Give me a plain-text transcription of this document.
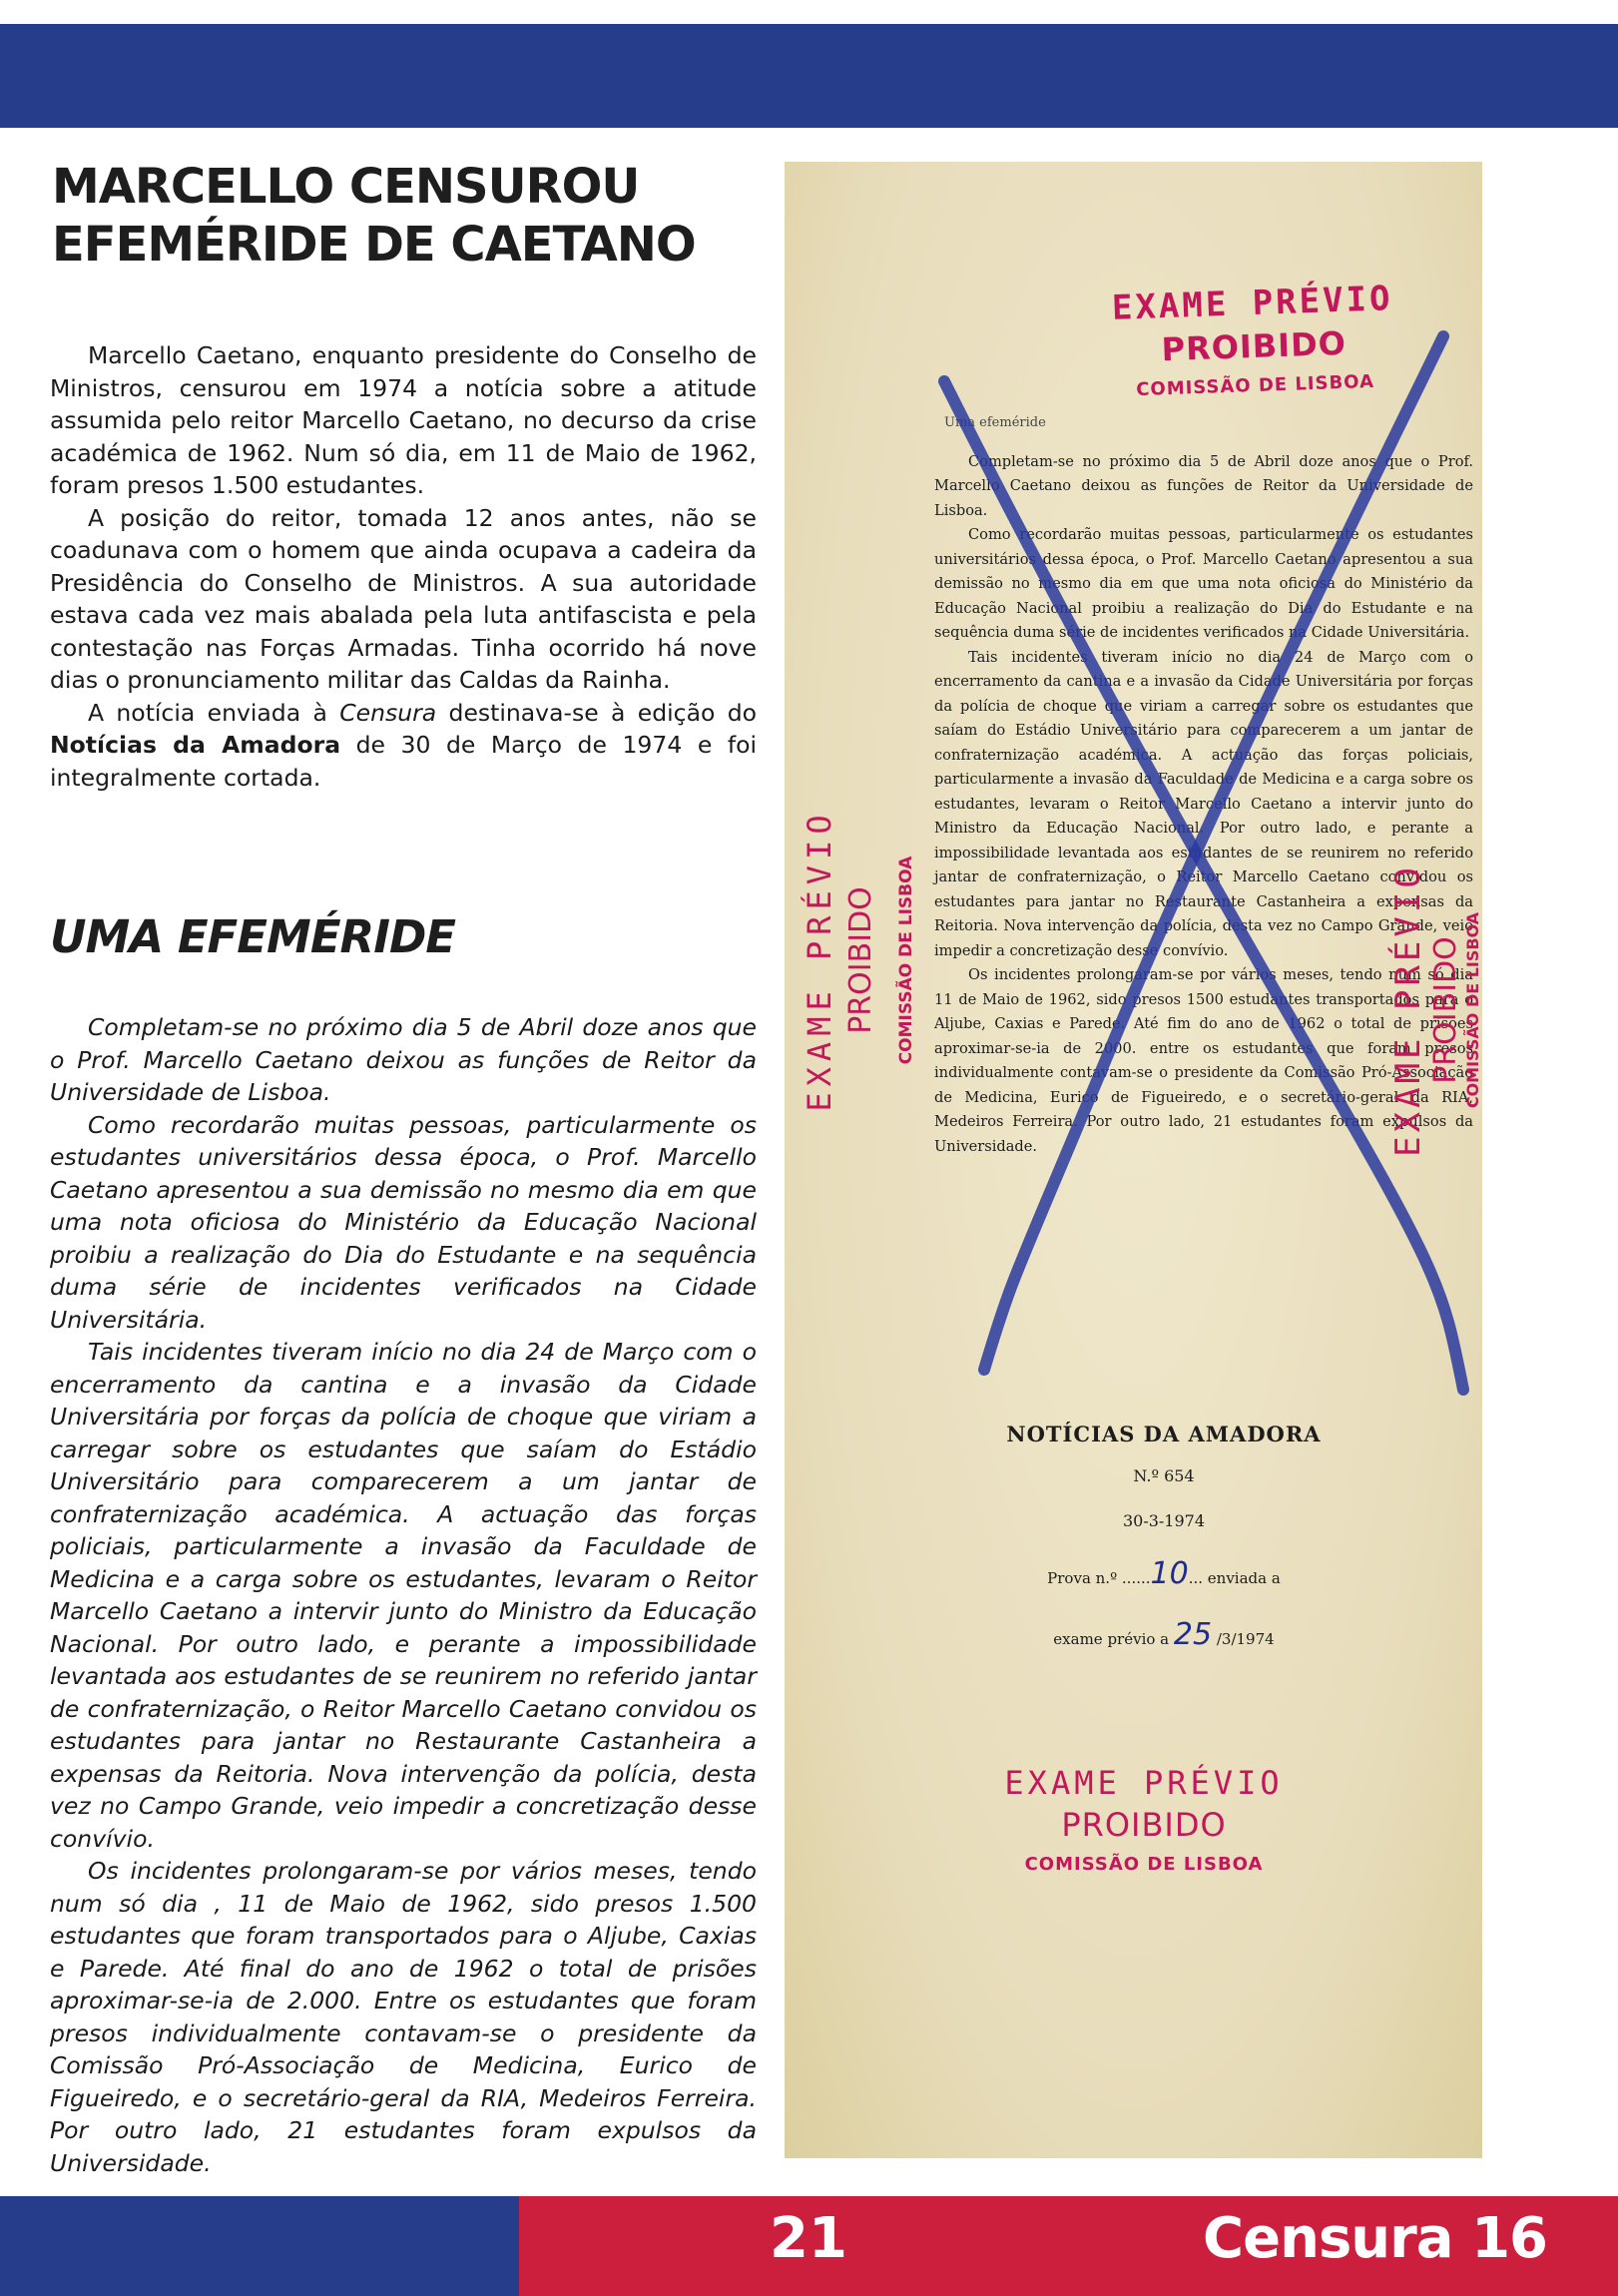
MARCELLO CENSUROU
EFEMÉRIDE DE CAETANO

Marcello Caetano, enquanto presidente do Conselho de Ministros, censurou em 1974 a notícia sobre a atitude assumida pelo reitor Marcello Caetano, no decurso da crise académica de 1962. Num só dia, em 11 de Maio de 1962, foram presos 1.500 estudantes.

A posição do reitor, tomada 12 anos antes, não se coadunava com o homem que ainda ocupava a cadeira da Presidência do Conselho de Ministros. A sua autoridade estava cada vez mais abalada pela luta antifascista e pela contestação nas Forças Armadas. Tinha ocorrido há nove dias o pronunciamento militar das Caldas da Rainha.

A notícia enviada à Censura destinava-se à edição do Notícias da Amadora de 30 de Março de 1974 e foi integralmente cortada.

UMA EFEMÉRIDE

Completam-se no próximo dia 5 de Abril doze anos que o Prof. Marcello Caetano deixou as funções de Reitor da Universidade de Lisboa.

Como recordarão muitas pessoas, particularmente os estudantes universitários dessa época, o Prof. Marcello Caetano apresentou a sua demissão no mesmo dia em que uma nota oficiosa do Ministério da Educação Nacional proibiu a realização do Dia do Estudante e na sequência duma série de incidentes verificados na Cidade Universitária.

Tais incidentes tiveram início no dia 24 de Março com o encerramento da cantina e a invasão da Cidade Universitária por forças da polícia de choque que viriam a carregar sobre os estudantes que saíam do Estádio Universitário para comparecerem a um jantar de confraternização académica. A actuação das forças policiais, particularmente a invasão da Faculdade de Medicina e a carga sobre os estudantes, levaram o Reitor Marcello Caetano a intervir junto do Ministro da Educação Nacional. Por outro lado, e perante a impossibilidade levantada aos estudantes de se reunirem no referido jantar de confraternização, o Reitor Marcello Caetano convidou os estudantes para jantar no Restaurante Castanheira a expensas da Reitoria. Nova intervenção da polícia, desta vez no Campo Grande, veio impedir a concretização desse convívio.

Os incidentes prolongaram-se por vários meses, tendo num só dia , 11 de Maio de 1962, sido presos 1.500 estudantes que foram transportados para o Aljube, Caxias e Parede. Até final do ano de 1962 o total de prisões aproximar-se-ia de 2.000. Entre os estudantes que foram presos individualmente contavam-se o presidente da Comissão Pró-Associação de Medicina, Eurico de Figueiredo, e o secretário-geral da RIA, Medeiros Ferreira. Por outro lado, 21 estudantes foram expulsos da Universidade.

EXAME PRÉVIO
PROIBIDO
COMISSÃO DE LISBOA
Uma efeméride

Completam-se no próximo dia 5 de Abril doze anos que o Prof. Marcello Caetano deixou as funções de Reitor da Universidade de Lisboa.

Como recordarão muitas pessoas, particularmente os estudantes universitários dessa época, o Prof. Marcello Caetano apresentou a sua demissão no mesmo dia em que uma nota oficiosa do Ministério da Educação Nacional proibiu a realização do Dia do Estudante e na sequência duma série de incidentes verificados na Cidade Universitária.

Tais incidentes tiveram início no dia 24 de Março com o encerramento da cantina e a invasão da Cidade Universitária por forças da polícia de choque que viriam a carregar sobre os estudantes que saíam do Estádio Universitário para comparecerem a um jantar de confraternização académica. A actuação das forças policiais, particularmente a invasão da Faculdade de Medicina e a carga sobre os estudantes, levaram o Reitor Marcello Caetano a intervir junto do Ministro da Educação Nacional. Por outro lado, e perante a impossibilidade levantada aos estudantes de se reunirem no referido jantar de confraternização, o Reitor Marcello Caetano convidou os estudantes para jantar no Restaurante Castanheira a expensas da Reitoria. Nova intervenção da polícia, desta vez no Campo Grande, veio impedir a concretização desse convívio.

Os incidentes prolongaram-se por vários meses, tendo num só dia 11 de Maio de 1962, sido presos 1500 estudantes transportados para o Aljube, Caxias e Parede. Até fim do ano de 1962 o total de prisões aproximar-se-ia de 2000. entre os estudantes que foram presos individualmente contavam-se o presidente da Comissão Pró-Associação de Medicina, Eurico de Figueiredo, e o secretário-geral da RIA, Medeiros Ferreira. Por outro lado, 21 estudantes foram expulsos da Universidade.

EXAME PRÉVIO PROIBIDO	COMISSÃO DE LISBOA	EXAME PRÉVIO PROIBIDO COMISSÃO DE LISBOA
NOTÍCIAS DA AMADORA
N.º 654
30-3-1974
Prova n.º ......10... enviada a
exame prévio a 25 /3/1974
EXAME PRÉVIO
PROIBIDO
COMISSÃO DE LISBOA
21	Censura 16
